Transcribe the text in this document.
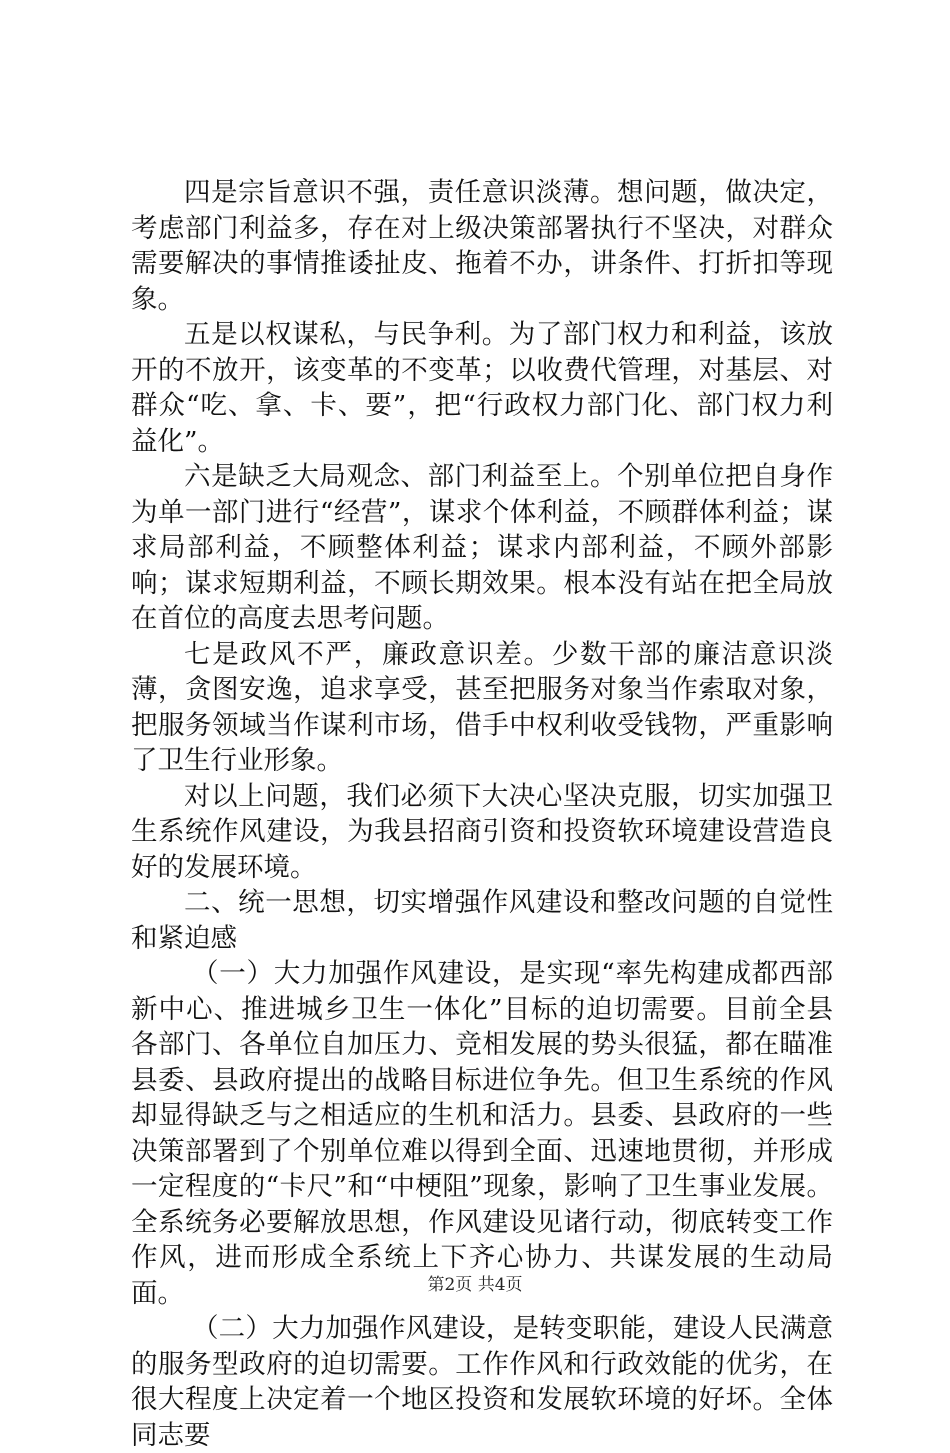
四是宗旨意识不强，责任意识淡薄。想问题，做决定，考虑部门利益多，存在对上级决策部署执行不坚决，对群众需要解决的事情推诿扯皮、拖着不办，讲条件、打折扣等现象。

五是以权谋私，与民争利。为了部门权力和利益，该放开的不放开，该变革的不变革；以收费代管理，对基层、对群众“吃、拿、卡、要”，把“行政权力部门化、部门权力利益化”。

六是缺乏大局观念、部门利益至上。个别单位把自身作为单一部门进行“经营”，谋求个体利益，不顾群体利益；谋求局部利益，不顾整体利益；谋求内部利益，不顾外部影响；谋求短期利益，不顾长期效果。根本没有站在把全局放在首位的高度去思考问题。

七是政风不严，廉政意识差。少数干部的廉洁意识淡薄，贪图安逸，追求享受，甚至把服务对象当作索取对象，把服务领域当作谋利市场，借手中权利收受钱物，严重影响了卫生行业形象。

对以上问题，我们必须下大决心坚决克服，切实加强卫生系统作风建设，为我县招商引资和投资软环境建设营造良好的发展环境。

二、统一思想，切实增强作风建设和整改问题的自觉性和紧迫感

（一）大力加强作风建设，是实现“率先构建成都西部新中心、推进城乡卫生一体化”目标的迫切需要。目前全县各部门、各单位自加压力、竞相发展的势头很猛，都在瞄准县委、县政府提出的战略目标进位争先。但卫生系统的作风却显得缺乏与之相适应的生机和活力。县委、县政府的一些决策部署到了个别单位难以得到全面、迅速地贯彻，并形成一定程度的“卡尺”和“中梗阻”现象，影响了卫生事业发展。全系统务必要解放思想，作风建设见诸行动，彻底转变工作作风，进而形成全系统上下齐心协力、共谋发展的生动局面。

（二）大力加强作风建设，是转变职能，建设人民满意的服务型政府的迫切需要。工作作风和行政效能的优劣，在很大程度上决定着一个地区投资和发展软环境的好坏。全体同志要

第2页 共4页
